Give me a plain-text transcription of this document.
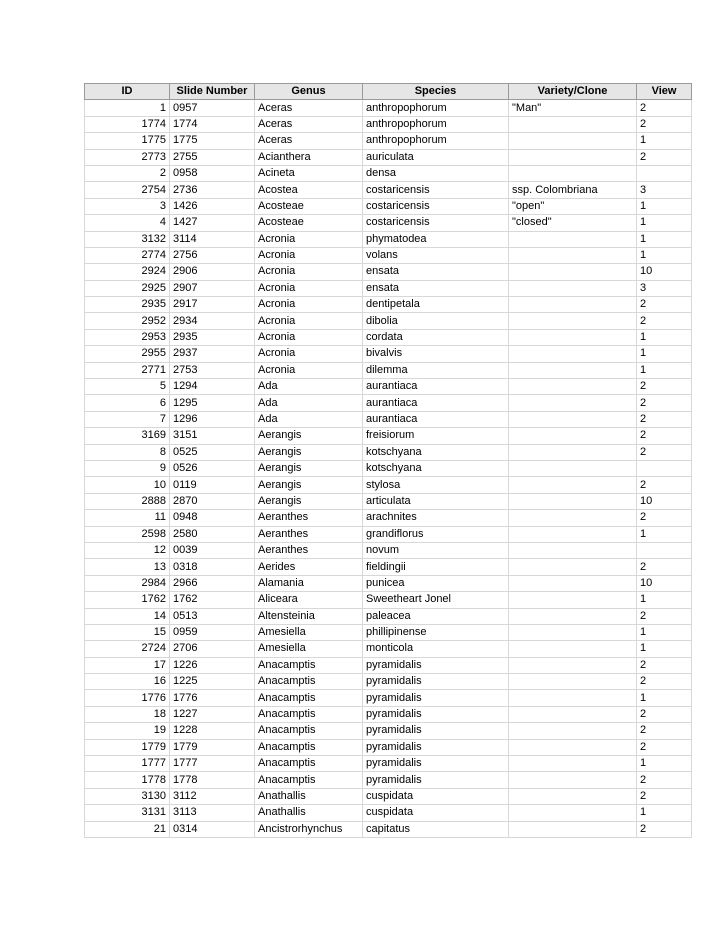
ID	Slide Number	Genus	Species	Variety/Clone	View
1	0957	Aceras	anthropophorum	"Man"	2
1774	1774	Aceras	anthropophorum		2
1775	1775	Aceras	anthropophorum		1
2773	2755	Acianthera	auriculata		2
2	0958	Acineta	densa		
2754	2736	Acostea	costaricensis	ssp. Colombriana	3
3	1426	Acosteae	costaricensis	"open"	1
4	1427	Acosteae	costaricensis	"closed"	1
3132	3114	Acronia	phymatodea		1
2774	2756	Acronia	volans		1
2924	2906	Acronia	ensata		10
2925	2907	Acronia	ensata		3
2935	2917	Acronia	dentipetala		2
2952	2934	Acronia	dibolia		2
2953	2935	Acronia	cordata		1
2955	2937	Acronia	bivalvis		1
2771	2753	Acronia	dilemma		1
5	1294	Ada	aurantiaca		2
6	1295	Ada	aurantiaca		2
7	1296	Ada	aurantiaca		2
3169	3151	Aerangis	freisiorum		2
8	0525	Aerangis	kotschyana		2
9	0526	Aerangis	kotschyana		
10	0119	Aerangis	stylosa		2
2888	2870	Aerangis	articulata		10
11	0948	Aeranthes	arachnites		2
2598	2580	Aeranthes	grandiflorus		1
12	0039	Aeranthes	novum		
13	0318	Aerides	fieldingii		2
2984	2966	Alamania	punicea		10
1762	1762	Aliceara	Sweetheart Jonel		1
14	0513	Altensteinia	paleacea		2
15	0959	Amesiella	phillipinense		1
2724	2706	Amesiella	monticola		1
17	1226	Anacamptis	pyramidalis		2
16	1225	Anacamptis	pyramidalis		2
1776	1776	Anacamptis	pyramidalis		1
18	1227	Anacamptis	pyramidalis		2
19	1228	Anacamptis	pyramidalis		2
1779	1779	Anacamptis	pyramidalis		2
1777	1777	Anacamptis	pyramidalis		1
1778	1778	Anacamptis	pyramidalis		2
3130	3112	Anathallis	cuspidata		2
3131	3113	Anathallis	cuspidata		1
21	0314	Ancistrorhynchus	capitatus		2
